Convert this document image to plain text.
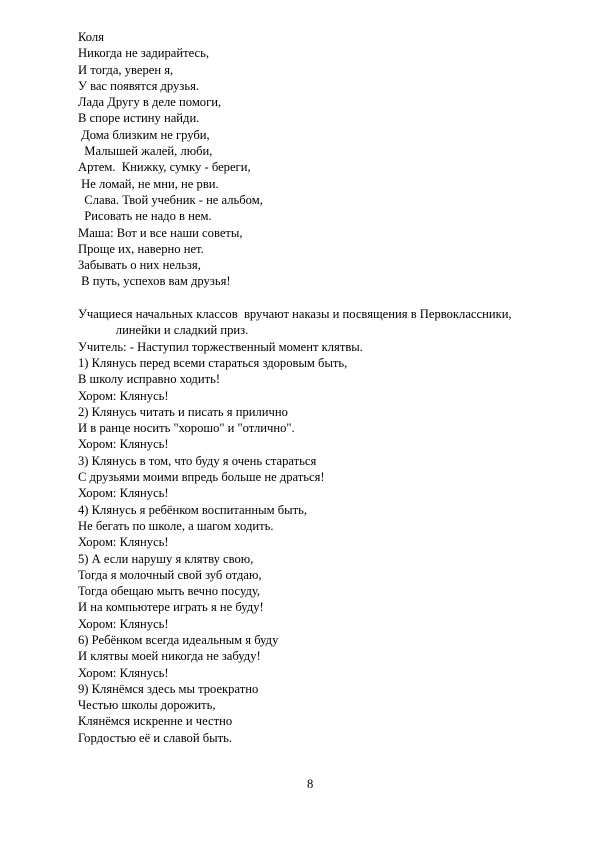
Коля
Никогда не задирайтесь,
И тогда, уверен я,
У вас появятся друзья.
Лада Другу в деле помоги,
В споре истину найди.
Дома близким не груби,
Малышей жалей, люби,
Артем.  Книжку, сумку - береги,
Не ломай, не мни, не рви.
Слава. Твой учебник - не альбом,
Рисовать не надо в нем.
Маша: Вот и все наши советы,
Проще их, наверно нет.
Забывать о них нельзя,
В путь, успехов вам друзья!
Учащиеся начальных классов  вручают наказы и посвящения в Первоклассники,
линейки и сладкий приз.
Учитель: - Наступил торжественный момент клятвы.
1) Клянусь перед всеми стараться здоровым быть,
В школу исправно ходить!
Хором: Клянусь!
2) Клянусь читать и писать я прилично
И в ранце носить "хорошо" и "отлично".
Хором: Клянусь!
3) Клянусь в том, что буду я очень стараться
С друзьями моими впредь больше не драться!
Хором: Клянусь!
4) Клянусь я ребёнком воспитанным быть,
Не бегать по школе, а шагом ходить.
Хором: Клянусь!
5) А если нарушу я клятву свою,
Тогда я молочный свой зуб отдаю,
Тогда обещаю мыть вечно посуду,
И на компьютере играть я не буду!
Хором: Клянусь!
6) Ребёнком всегда идеальным я буду
И клятвы моей никогда не забуду!
Хором: Клянусь!
9) Клянёмся здесь мы троекратно
Честью школы дорожить,
Клянёмся искренне и честно
Гордостью её и славой быть.
8
